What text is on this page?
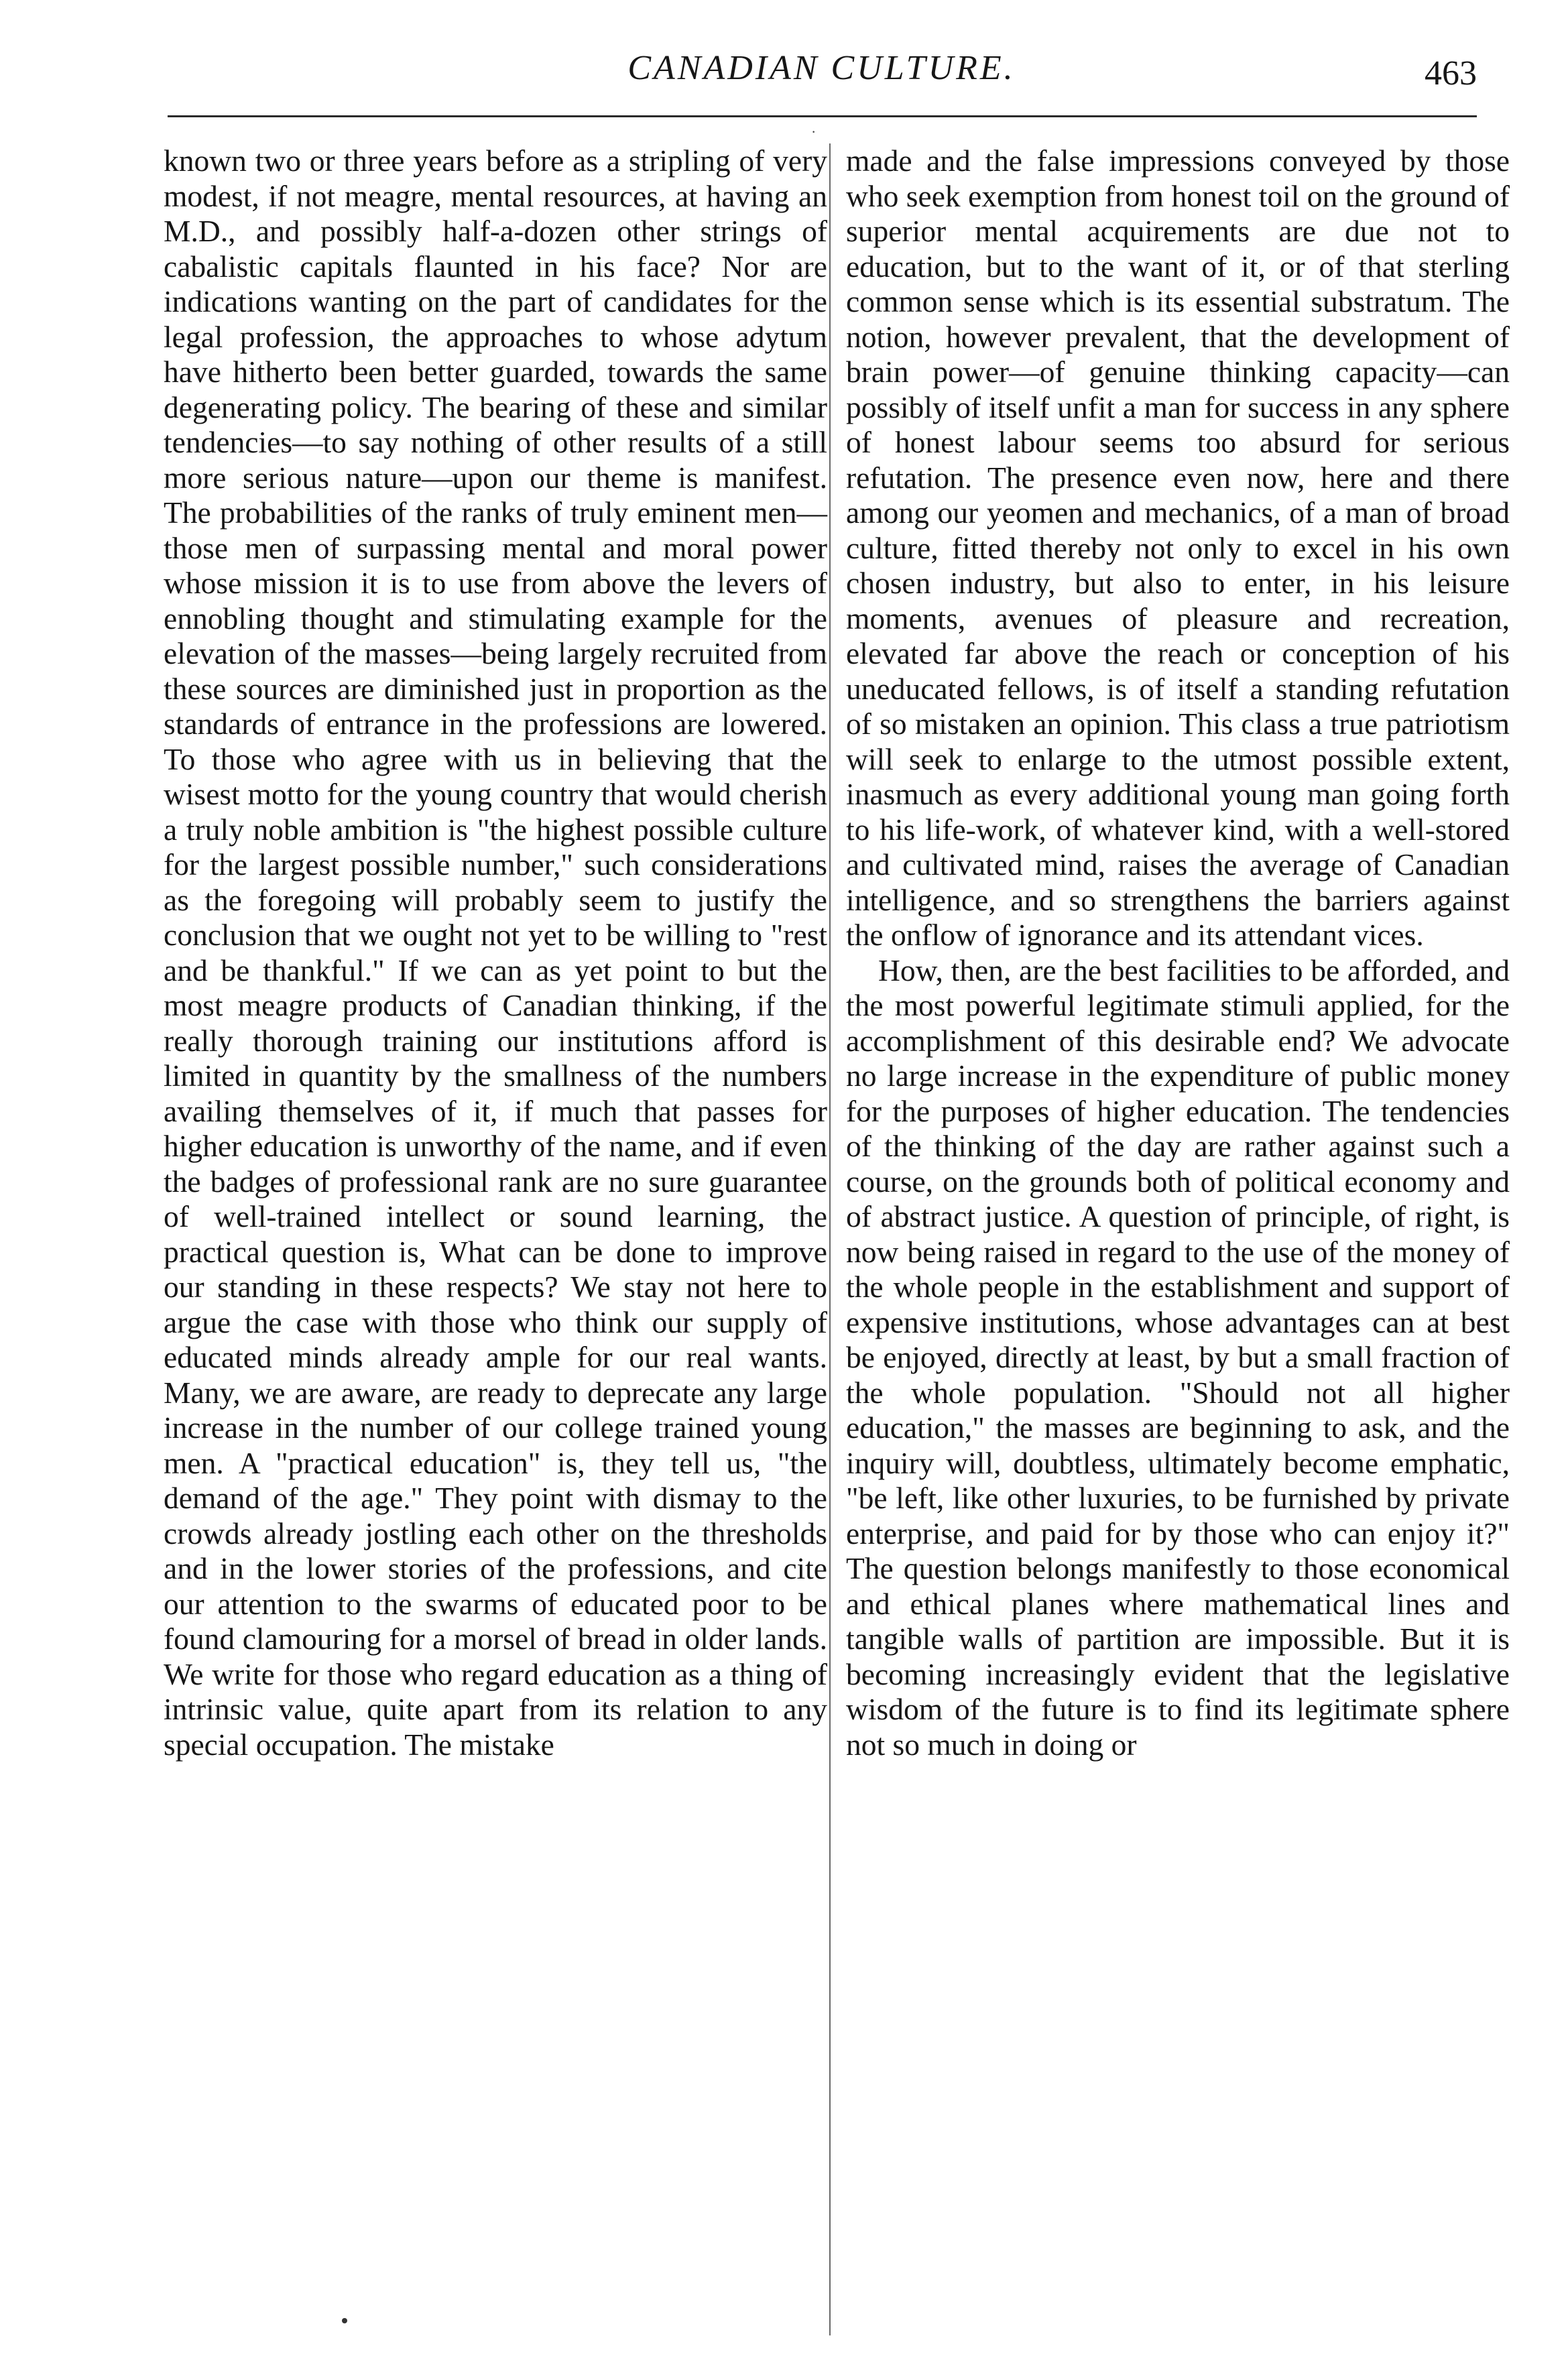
CANADIAN CULTURE.	463
·

known two or three years before as a stripling of very modest, if not meagre, mental resources, at having an M.D., and possibly half-a-dozen other strings of cabalistic capitals flaunted in his face? Nor are indications wanting on the part of candidates for the legal profession, the approaches to whose adytum have hitherto been better guarded, towards the same degenerating policy. The bearing of these and similar tendencies—to say nothing of other results of a still more serious nature—upon our theme is manifest. The probabilities of the ranks of truly eminent men—those men of surpassing mental and moral power whose mission it is to use from above the levers of ennobling thought and stimulating example for the elevation of the masses—being largely recruited from these sources are diminished just in proportion as the standards of entrance in the professions are lowered. To those who agree with us in believing that the wisest motto for the young country that would cherish a truly noble ambition is "the highest possible culture for the largest possible number," such considerations as the foregoing will probably seem to justify the conclusion that we ought not yet to be willing to "rest and be thankful." If we can as yet point to but the most meagre products of Canadian thinking, if the really thorough training our institutions afford is limited in quantity by the smallness of the numbers availing themselves of it, if much that passes for higher education is unworthy of the name, and if even the badges of professional rank are no sure guarantee of well-trained intellect or sound learning, the practical question is, What can be done to improve our standing in these respects? We stay not here to argue the case with those who think our supply of educated minds already ample for our real wants. Many, we are aware, are ready to deprecate any large increase in the number of our college trained young men. A "practical education" is, they tell us, "the demand of the age." They point with dismay to the crowds already jostling each other on the thresholds and in the lower stories of the professions, and cite our attention to the swarms of educated poor to be found clamouring for a morsel of bread in older lands. We write for those who regard education as a thing of intrinsic value, quite apart from its relation to any special occupation. The mistake

made and the false impressions conveyed by those who seek exemption from honest toil on the ground of superior mental acquirements are due not to education, but to the want of it, or of that sterling common sense which is its essential substratum. The notion, however prevalent, that the development of brain power—of genuine thinking capacity—can possibly of itself unfit a man for success in any sphere of honest labour seems too absurd for serious refutation. The presence even now, here and there among our yeomen and mechanics, of a man of broad culture, fitted thereby not only to excel in his own chosen industry, but also to enter, in his leisure moments, avenues of pleasure and recreation, elevated far above the reach or conception of his uneducated fellows, is of itself a standing refutation of so mistaken an opinion. This class a true patriotism will seek to enlarge to the utmost possible extent, inasmuch as every additional young man going forth to his life-work, of whatever kind, with a well-stored and cultivated mind, raises the average of Canadian intelligence, and so strengthens the barriers against the onflow of ignorance and its attendant vices.

How, then, are the best facilities to be afforded, and the most powerful legitimate stimuli applied, for the accomplishment of this desirable end? We advocate no large increase in the expenditure of public money for the purposes of higher education. The tendencies of the thinking of the day are rather against such a course, on the grounds both of political economy and of abstract justice. A question of principle, of right, is now being raised in regard to the use of the money of the whole people in the establishment and support of expensive institutions, whose advantages can at best be enjoyed, directly at least, by but a small fraction of the whole population. "Should not all higher education," the masses are beginning to ask, and the inquiry will, doubtless, ultimately become emphatic, "be left, like other luxuries, to be furnished by private enterprise, and paid for by those who can enjoy it?" The question belongs manifestly to those economical and ethical planes where mathematical lines and tangible walls of partition are impossible. But it is becoming increasingly evident that the legislative wisdom of the future is to find its legitimate sphere not so much in doing or
